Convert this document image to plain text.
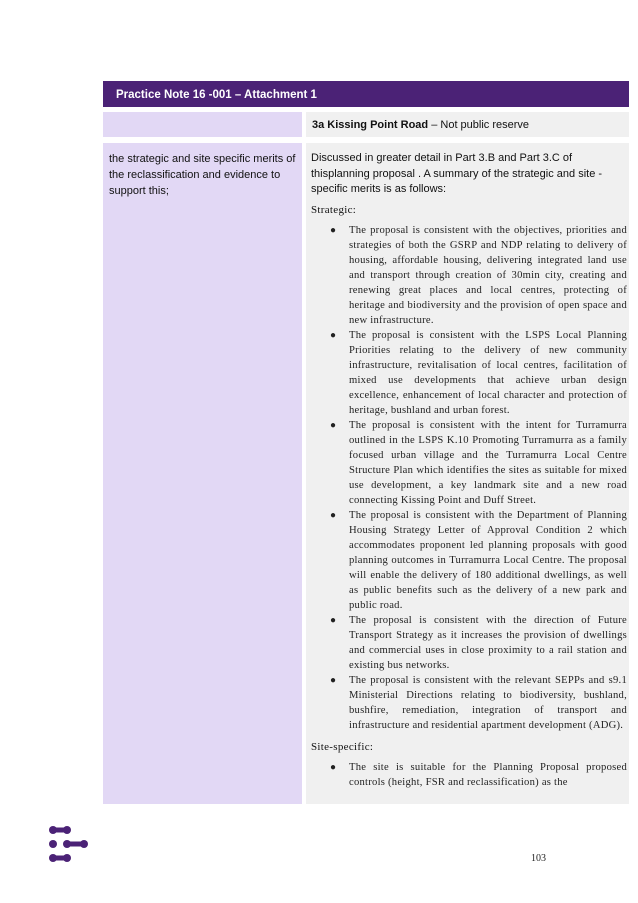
Practice Note 16 -001 – Attachment 1
3a Kissing Point Road – Not public reserve
the strategic and site specific merits of the reclassification and evidence to support this;

Discussed in greater detail in Part 3.B and Part 3.C of thisplanning proposal . A summary of the strategic and site -specific merits is as follows:

Strategic:

● The proposal is consistent with the objectives, priorities and strategies of both the GSRP and NDP relating to delivery of housing, affordable housing, delivering integrated land use and transport through creation of 30min city, creating and renewing great places and local centres, protecting of heritage and biodiversity and the provision of open space and new infrastructure.
● The proposal is consistent with the LSPS Local Planning Priorities relating to the delivery of new community infrastructure, revitalisation of local centres, facilitation of mixed use developments that achieve urban design excellence, enhancement of local character and protection of heritage, bushland and urban forest.
● The proposal is consistent with the intent for Turramurra outlined in the LSPS K.10 Promoting Turramurra as a family focused urban village and the Turramurra Local Centre Structure Plan which identifies the sites as suitable for mixed use development, a key landmark site and a new road connecting Kissing Point and Duff Street.
● The proposal is consistent with the Department of Planning Housing Strategy Letter of Approval Condition 2 which accommodates proponent led planning proposals with good planning outcomes in Turramurra Local Centre. The proposal will enable the delivery of 180 additional dwellings, as well as public benefits such as the delivery of a new park and public road.
● The proposal is consistent with the direction of Future Transport Strategy as it increases the provision of dwellings and commercial uses in close proximity to a rail station and existing bus networks.
● The proposal is consistent with the relevant SEPPs and s9.1 Ministerial Directions relating to biodiversity, bushland, bushfire, remediation, integration of transport and infrastructure and residential apartment development (ADG).

Site-specific:

● The site is suitable for the Planning Proposal proposed controls (height, FSR and reclassification) as the
103
